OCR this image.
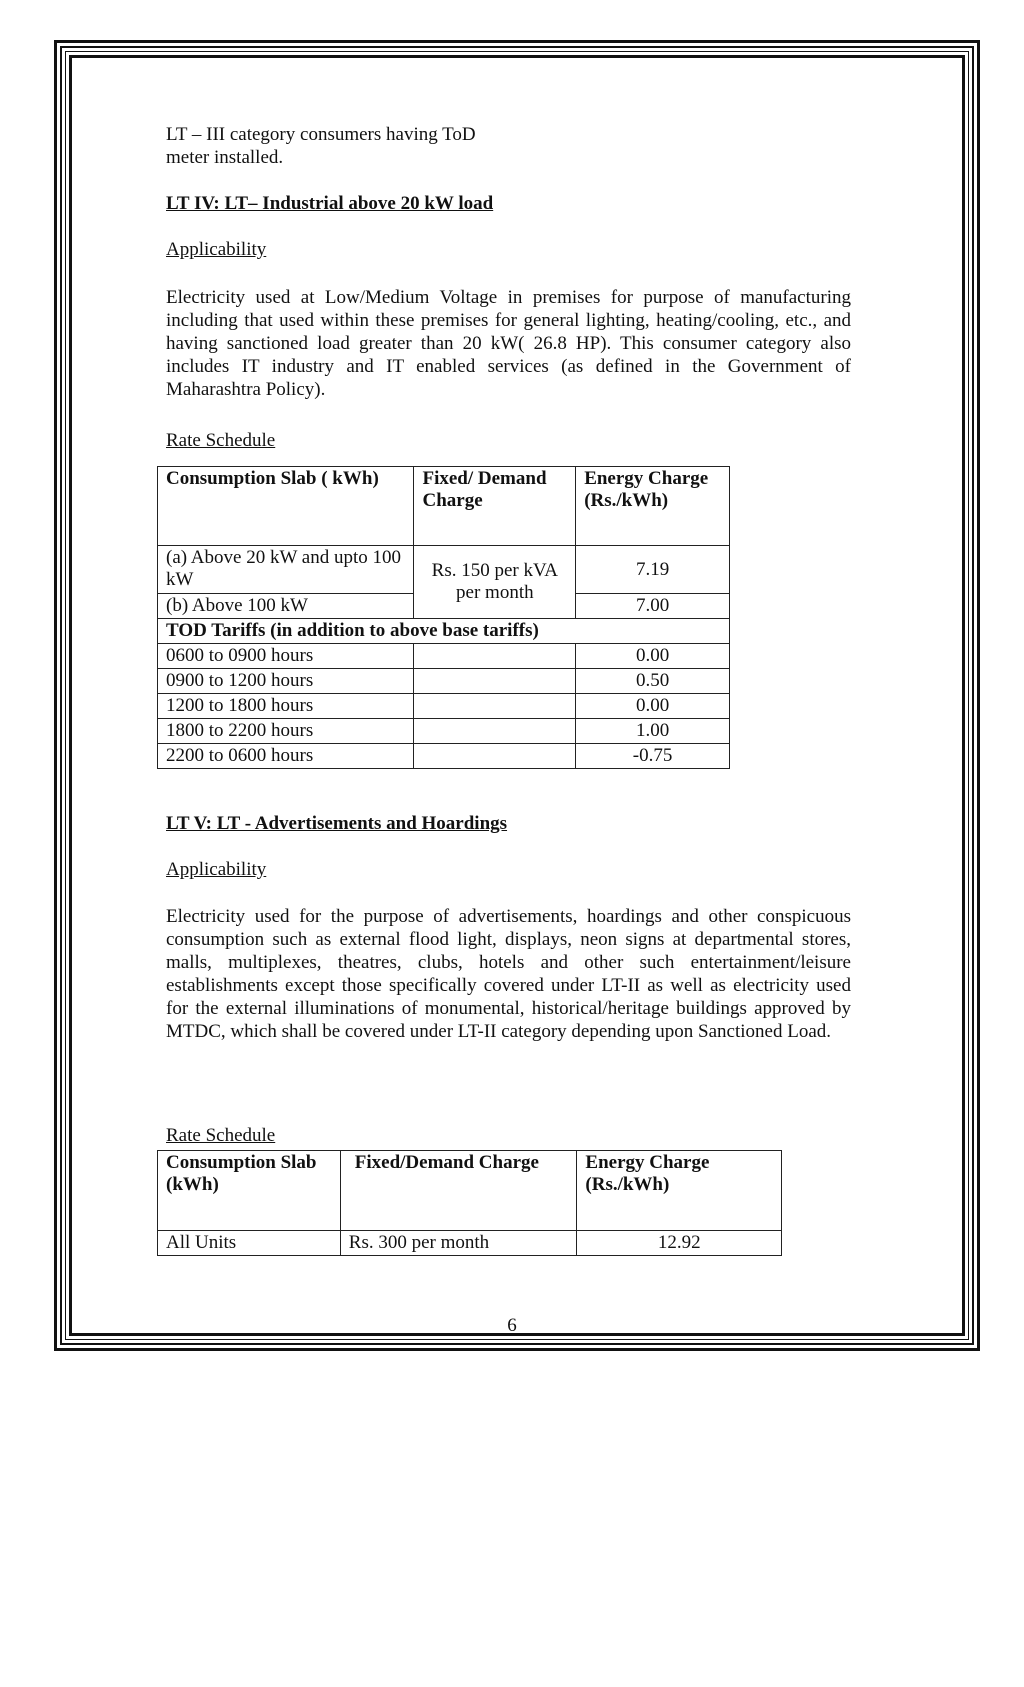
LT – III category consumers having ToD
meter installed.
LT IV: LT– Industrial above 20 kW load
Applicability
Electricity used at Low/Medium Voltage in premises for purpose of manufacturing including that used within these premises for general lighting, heating/cooling, etc., and having sanctioned load greater than 20 kW( 26.8 HP). This consumer category also includes IT industry and IT enabled services (as defined in the Government of Maharashtra Policy).
Rate Schedule
Consumption Slab ( kWh)	Fixed/ Demand Charge	Energy Charge (Rs./kWh)
(a) Above 20 kW and upto 100 kW	Rs. 150 per kVA per month	7.19
(b) Above 100 kW		7.00
TOD Tariffs (in addition to above base tariffs)		
0600 to 0900 hours		0.00
0900 to 1200 hours		0.50
1200 to 1800 hours		0.00
1800 to 2200 hours		1.00
2200 to 0600 hours		-0.75
LT V: LT - Advertisements and Hoardings
Applicability
Electricity used for the purpose of advertisements, hoardings and other conspicuous consumption such as external flood light, displays, neon signs at departmental stores, malls, multiplexes, theatres, clubs, hotels and other such entertainment/leisure establishments except those specifically covered under LT-II as well as electricity used for the external illuminations of monumental, historical/heritage buildings approved by MTDC, which shall be covered under LT-II category depending upon Sanctioned Load.
Rate Schedule
Consumption Slab (kWh)	Fixed/Demand Charge	Energy Charge (Rs./kWh)
All Units	Rs. 300 per month	12.92
6
